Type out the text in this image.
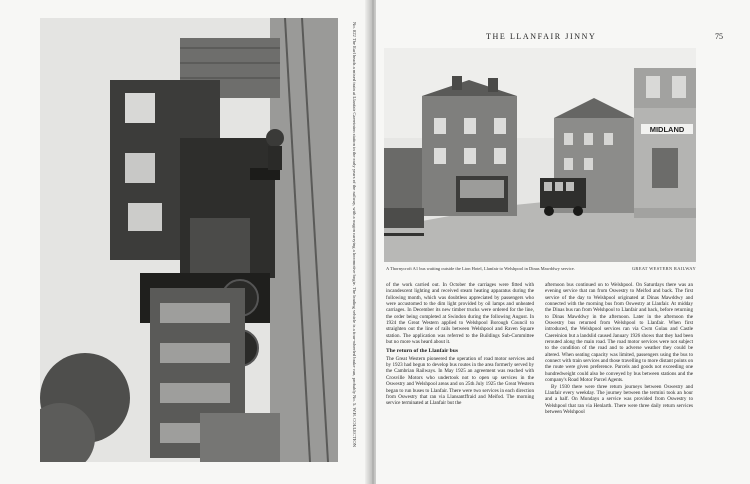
No. 822 The Earl heads a mixed train at Llanfair Caereinion station in the early years of the railway, with a wagon carrying a locomotive bogie. The leading vehicle is a four-wheeled brake van, probably No. 5. W.H. COLLECTION	THE LLANFAIR JINNY	75
MIDLAND
A Thornycroft A1 bus waiting outside the Lion Hotel, Llanfair to Welshpool in Dinas Mawddwy service.	GREAT WESTERN RAILWAY

of the work carried out. In October the carriages were fitted with incandescent lighting and received steam heating apparatus during the following month, which was doubtless appreciated by passengers who were accustomed to the dim light provided by oil lamps and unheated carriages. In December its new timber trucks were ordered for the line, the order being completed at Swindon during the following August. In 1924 the Great Western applied to Welshpool Borough Council to straighten out the line of rails between Welshpool and Raven Square station. The application was referred to the Buildings Sub-Committee but no more was heard about it.

The return of the Llanfair bus

The Great Western pioneered the operation of road motor services and by 1923 had begun to develop bus routes in the area formerly served by the Cambrian Railways. In May 1925 an agreement was reached with Crosville Motors who undertook not to open up services in the Oswestry and Welshpool areas and on 25th July 1925 the Great Western began to run buses to Llanfair. There were two services in each direction from Oswestry that ran via Llansantffraid and Meifod. The morning service terminated at Llanfair but the

afternoon bus continued on to Welshpool. On Saturdays there was an evening service that ran from Oswestry to Meifod and back. The first service of the day to Welshpool originated at Dinas Mawddwy and connected with the morning bus from Oswestry at Llanfair. At midday the Dinas bus ran from Welshpool to Llanfair and back, before returning to Dinas Mawddwy in the afternoon. Later in the afternoon the Oswestry bus returned from Welshpool to Llanfair. When first introduced, the Welshpool services ran via Cwm Golau and Castle Caereinion but a landslid caused January 1926 shows that they had been rerouted along the main road. The road motor services were not subject to the condition of the road and to adverse weather they could be altered. When seating capacity was limited, passengers using the bus to connect with train services and those travelling to more distant points on the route were given preference. Parcels and goods not exceeding one hundredweight could also be conveyed by bus between stations and the company's Road Motor Parcel Agents.

By 1930 there were three return journeys between Oswestry and Llanfair every weekday. The journey between the termini took an hour and a half. On Mondays a service was provided from Oswestry to Welshpool that ran via Henlarth. There were three daily return services between Welshpool
